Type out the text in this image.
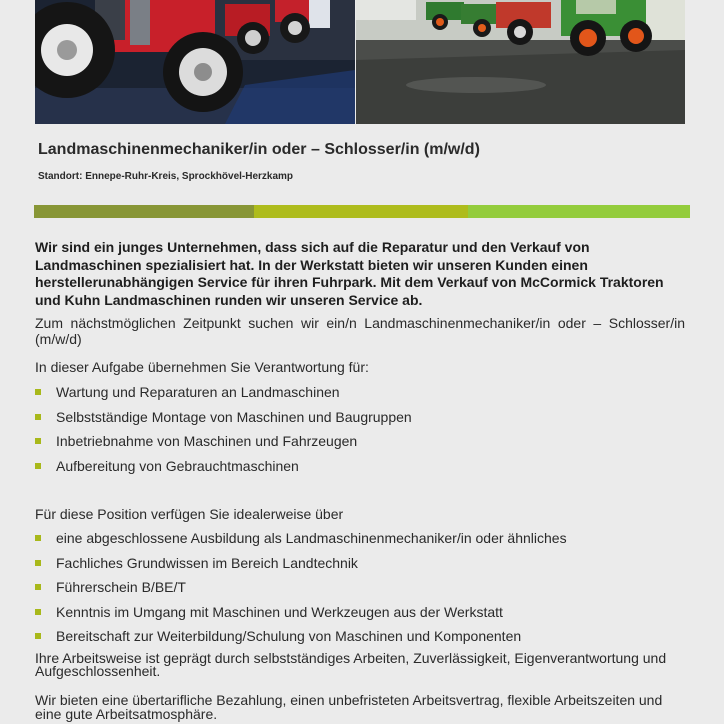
Landmaschinenmechaniker/in oder – Schlosser/in (m/w/d)

Standort: Ennepe-Ruhr-Kreis, Sprockhövel-Herzkamp

Wir sind ein junges Unternehmen, dass sich auf die Reparatur und den Verkauf von Landmaschinen spezialisiert hat. In der Werkstatt bieten wir unseren Kunden einen herstellerunabhängigen Service für ihren Fuhrpark. Mit dem Verkauf von McCormick Traktoren und Kuhn Landmaschinen runden wir unseren Service ab.

Zum nächstmöglichen Zeitpunkt suchen wir ein/n Landmaschinenmechaniker/in oder – Schlosser/in (m/w/d)

In dieser Aufgabe übernehmen Sie Verantwortung für:

Wartung und Reparaturen an Landmaschinen
Selbstständige Montage von Maschinen und Baugruppen
Inbetriebnahme von Maschinen und Fahrzeugen
Aufbereitung von Gebrauchtmaschinen

Für diese Position verfügen Sie idealerweise über

eine abgeschlossene Ausbildung als Landmaschinenmechaniker/in oder ähnliches
Fachliches Grundwissen im Bereich Landtechnik
Führerschein B/BE/T
Kenntnis im Umgang mit Maschinen und Werkzeugen aus der Werkstatt
Bereitschaft zur Weiterbildung/Schulung von Maschinen und Komponenten

Ihre Arbeitsweise ist geprägt durch selbstständiges Arbeiten, Zuverlässigkeit, Eigenverantwortung und Aufgeschlossenheit.

Wir bieten eine übertarifliche Bezahlung, einen unbefristeten Arbeitsvertrag, flexible Arbeitszeiten und eine gute Arbeitsatmosphäre.
